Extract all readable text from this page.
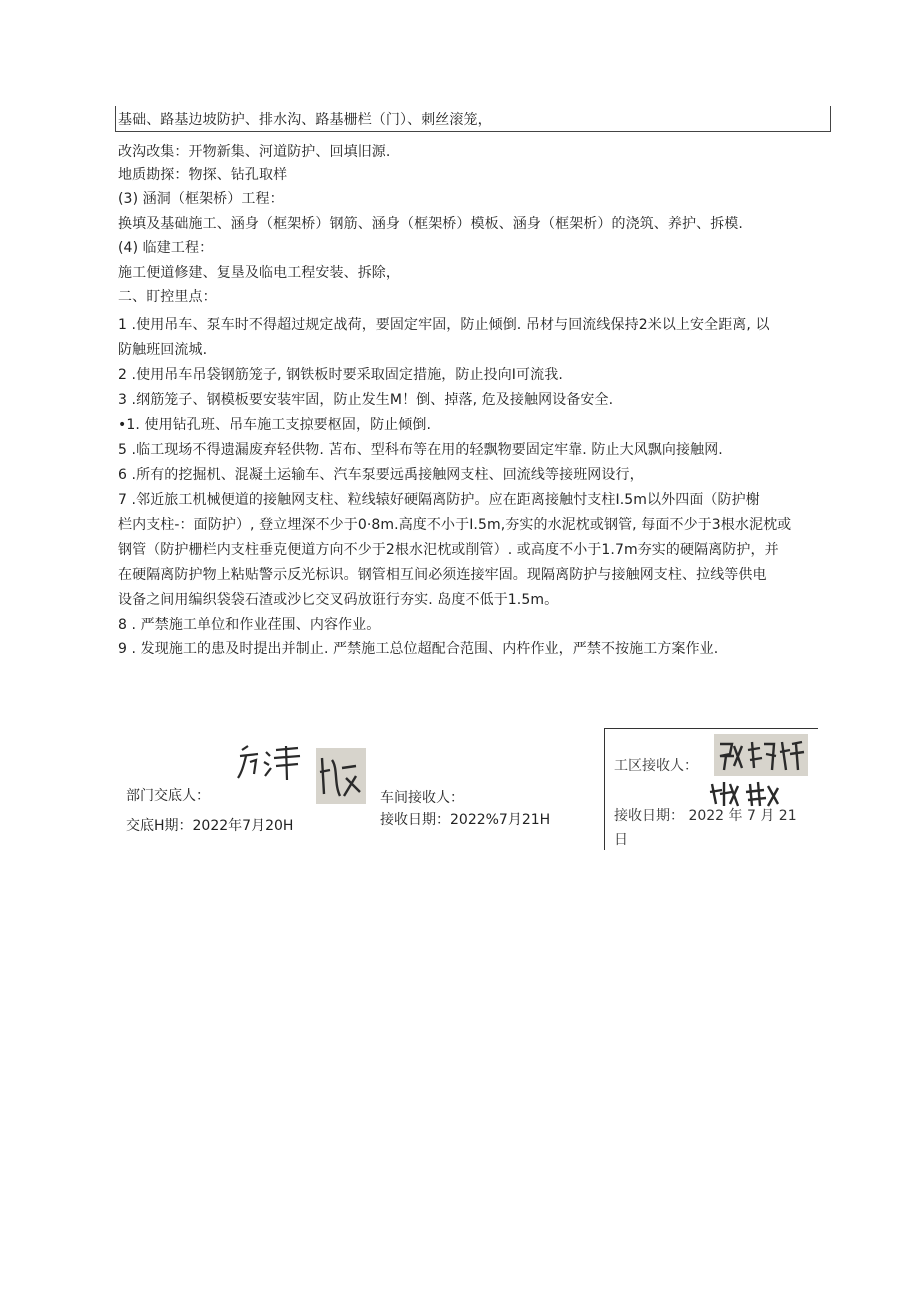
基础、路基边坡防护、排水沟、路基栅栏（门）、刺丝滚笼，
改沟改集：开物新集、河道防护、回填旧源.
地质勘探：物探、钻孔取样
(3) 涵洞（框架桥）工程：
换填及基础施工、涵身（框架桥）钢筋、涵身（框架桥）模板、涵身（框架析）的浇筑、养护、拆模.
(4) 临建工程：
施工便道修建、复垦及临电工程安装、拆除，
二、盯控里点：
1 .使用吊车、泵车时不得超过规定战荷，要固定牢固，防止倾倒. 吊材与回流线保持2米以上安全距离, 以
防触班回流城.
2 .使用吊车吊袋钢筋笼子, 钢铁板时要采取固定措施，防止投向I可流我.
3 .纲筋笼子、钢模板要安装牢固，防止发生M！倒、掉落, 危及接触网设备安全.
•1. 使用钻孔班、吊车施工支掠要枢固，防止倾倒.
5 .临工现场不得遗漏废弃轻供物. 苫布、型科布等在用的轻飘物要固定牢靠. 防止大风飘向接触网.
6 .所有的挖掘机、混凝土运输车、汽车泵要远禹接触网支柱、回流线等接班网设行，
7 .邻近旅工机械便道的接触网支柱、粒线辕好硬隔离防护。应在距离接触忖支柱I.5m以外四面（防护榭
栏内支柱-：面防护）, 登立埋深不少于0·8m.高度不小于I.5m,夯实的水泥枕或钢管, 每面不少于3根水泥枕或
钢管（防护栅栏内支柱垂克便道方向不少于2根水汜枕或削管）. 或高度不小于1.7m夯实的硬隔离防护，并
在硬隔离防护物上粘贴警示反光标识。钢管相互间必须连接牢固。现隔离防护与接触网支柱、拉线等供电
设备之间用编织袋袋石渣或沙匕交叉码放诳行夯实. 岛度不低于1.5m。
8 . 严禁施工单位和作业荏围、内容作业。
9 . 发现施工的患及时提出并制止. 严禁施工总位超配合范围、内杵作业，严禁不按施工方案作业.
部门交底人：
交底H期：2022年7月20H
车间接收人：
接收日期：2022%7月21H
工区接收人：
接收日期： 2022 年 7 月 21
日
